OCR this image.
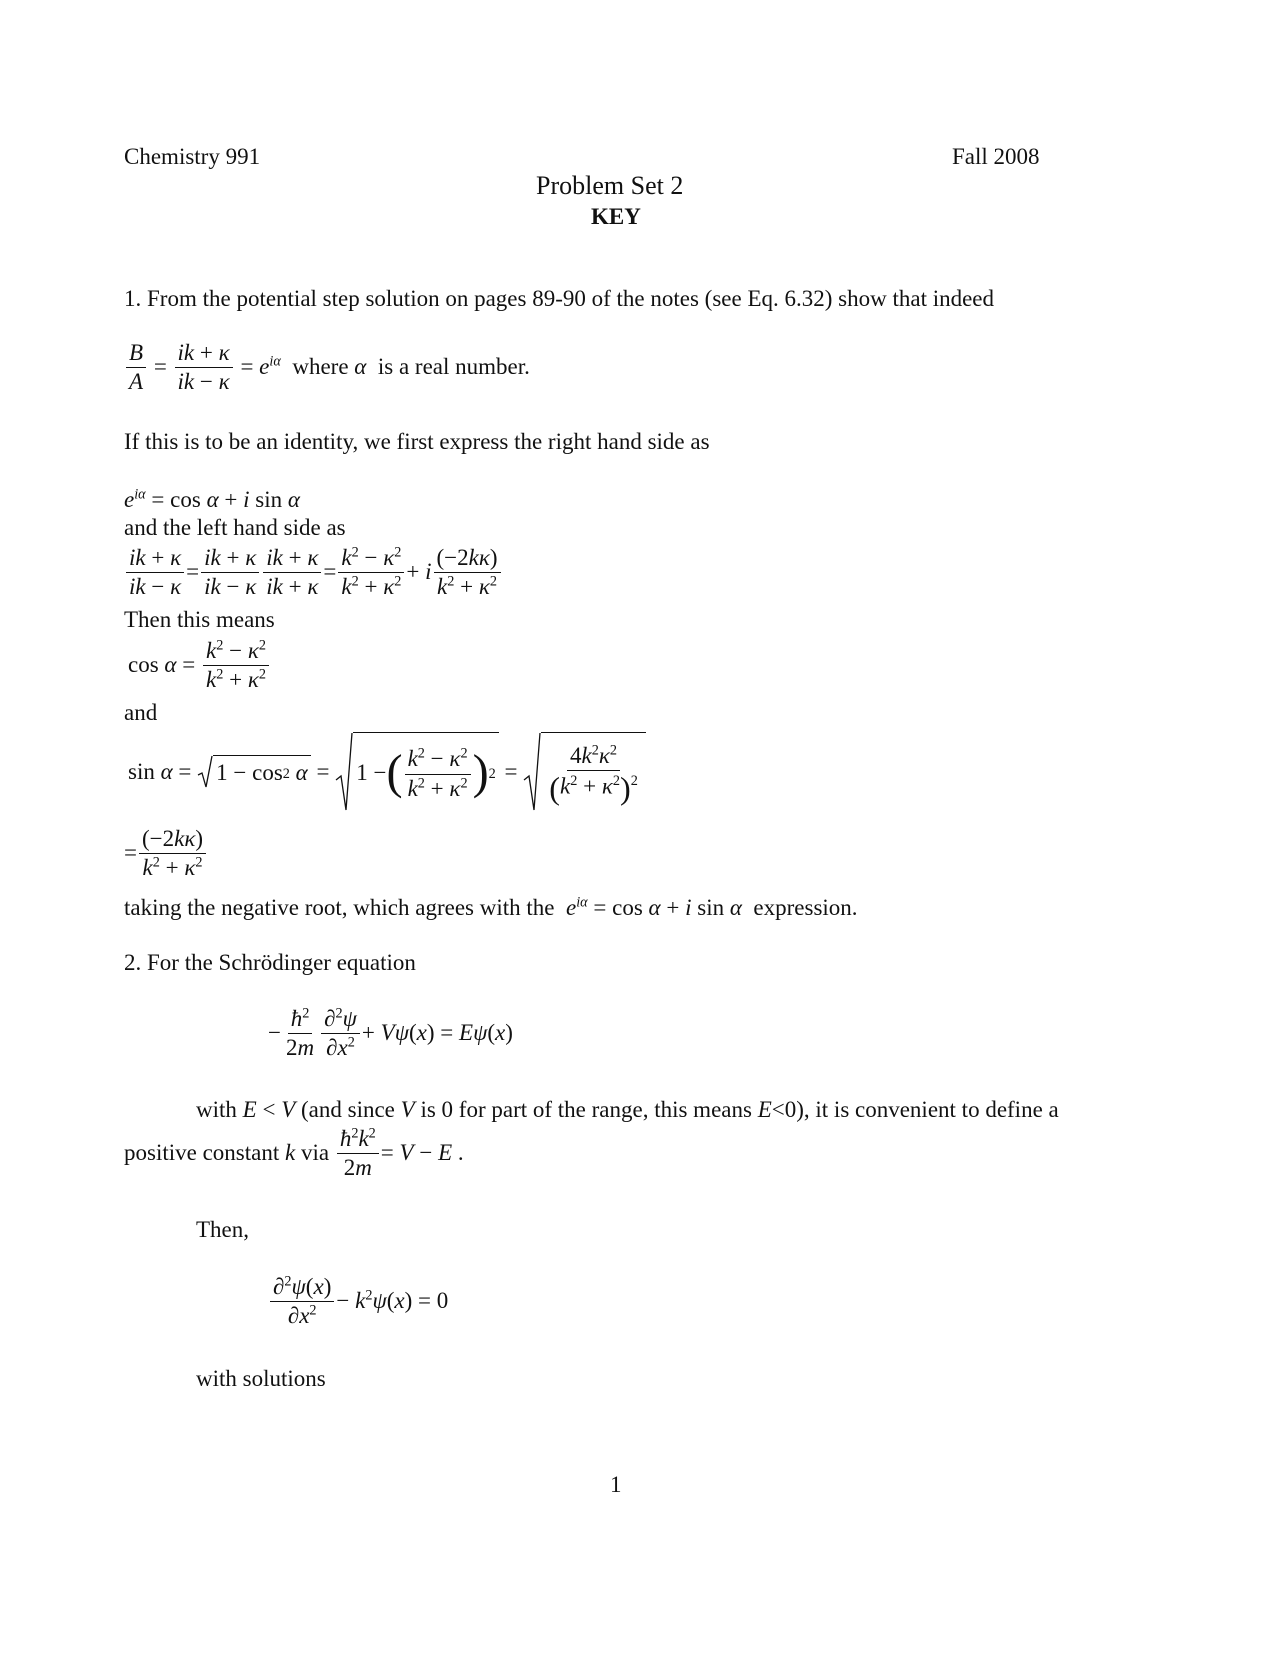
Chemistry 991	Fall 2008
Problem Set 2
KEY
1. From the potential step solution on pages 89-90 of the notes (see Eq. 6.32) show that indeed
$\frac{B}{A} = \frac{ik + \kappa}{ik - \kappa} = e^{i\alpha}$
where α is a real number.
If this is to be an identity, we first express the right hand side as
$e^{i\alpha} = \cos \alpha + i$ sin α
and the left hand side as
$\frac{ik + \kappa}{ik - \kappa} = \frac{ik + \kappa}{ik - \kappa} \frac{ik + \kappa}{ik + \kappa} = \frac{k^2 - \kappa^2}{k^2 + \kappa^2} + i \frac{(-2k\kappa)}{k^2 + \kappa^2}$
Then this means
$\cos \alpha = \frac{k^2 - \kappa^2}{k^2 + \kappa^2}$
and
sin α = 1 − cos 2
α = 1 − ( $\frac{k^2 - \kappa^2}{k^2 + \kappa^2}$ ) $2 = \frac{4k^2\kappa^2}{(k^2 + \kappa^2)^2}$
= $\frac{(-2k\kappa)}{k^2 + \kappa^2}$
taking the negative root, which agrees with the $e^{i\alpha} = \cos \alpha + i$ sin α expression.
2. For the Schrödinger equation
− $\frac{ħ^2}{2m} \frac{\partial^2\psi}{\partial x^2} + V\psi(x) = E\psi(x)$
with E < V (and since V is 0 for part of the range, this means E<0), it is convenient to define a
positive constant
k
via
$\frac{ħ^2k^2}{2m} = V - E$ .
Then,
$\frac{\partial^2\psi(x)}{\partial x^2} - k^2\psi(x) = 0$
with solutions
1
